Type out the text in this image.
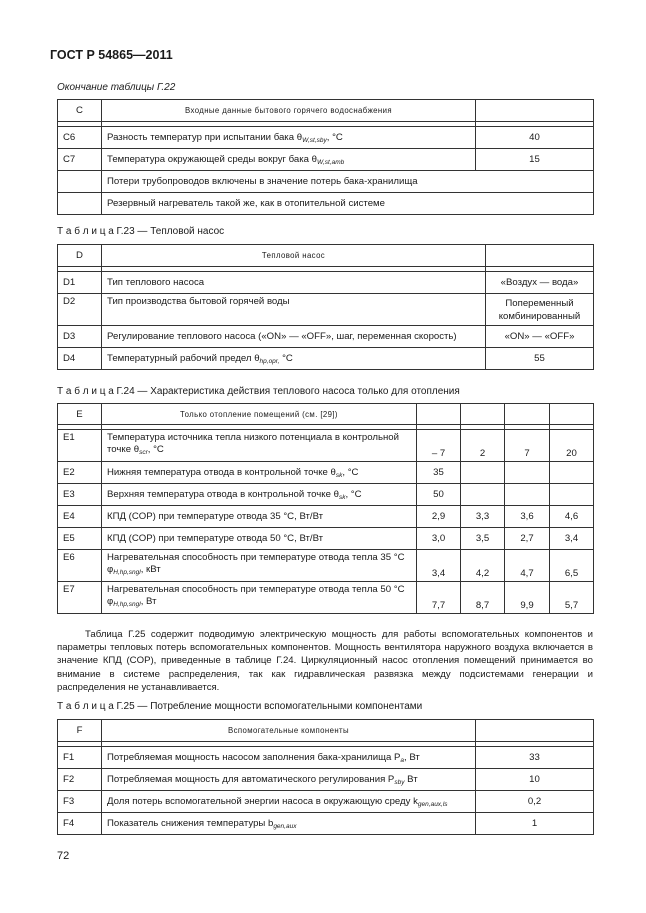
ГОСТ Р 54865—2011
Окончание таблицы Г.22
С	Входные данные бытового горячего водоснабжения	

С6	Разность температур при испытании бака $\theta_{W,st,sby}$, °С	40
С7	Температура окружающей среды вокруг бака $\theta_{W,st,amb}$	15
	Потери трубопроводов включены в значение потерь бака-хранилища	
	Резервный нагреватель такой же, как в отопительной системе	
Т а б л и ц а Г.23 — Тепловой насос
D	Тепловой насос	

D1	Тип теплового насоса	«Воздух — вода»
D2	Тип производства бытовой горячей воды	Попеременный комбинированный
D3	Регулирование теплового насоса («ON» — «OFF», шаг, переменная скорость)	«ON» — «OFF»
D4	Температурный рабочий предел $\theta_{hp,opr,}$ °С	55
Т а б л и ц а Г.24 — Характеристика действия теплового насоса только для отопления
Е	Только отопление помещений (см. [29])				

Е1	Температура источника тепла низкого потенциала в контрольной точке $\theta_{scr}$, °С	– 7	2	7	20
Е2	Нижняя температура отвода в контрольной точке $\theta_{sk}$, °С	35			
Е3	Верхняя температура отвода в контрольной точке $\theta_{sk}$, °С	50			
Е4	КПД (COP) при температуре отвода 35 °С, Вт/Вт	2,9	3,3	3,6	4,6
Е5	КПД (COP) при температуре отвода 50 °С, Вт/Вт	3,0	3,5	2,7	3,4
Е6	Нагревательная способность при температуре отвода тепла 35 °С $\varphi_{H,hp,sngl}$, кВт	3,4	4,2	4,7	6,5
Е7	Нагревательная способность при температуре отвода тепла 50 °С $\varphi_{H,hp,sngl}$, Вт	7,7	8,7	9,9	5,7
Таблица Г.25 содержит подводимую электрическую мощность для работы вспомогательных компонентов и параметры тепловых потерь вспомогательных компонентов. Мощность вентилятора наружного воздуха включается в значение КПД (COP), приведенные в таблице Г.24. Циркуляционный насос отопления помещений принимается во внимание в системе распределения, так как гидравлическая развязка между подсистемами генерации и распределения не устанавливается.
Т а б л и ц а Г.25 — Потребление мощности вспомогательными компонентами
F	Вспомогательные компоненты	

F1	Потребляемая мощность насосом заполнения бака-хранилища $P_a$, Вт	33
F2	Потребляемая мощность для автоматического регулирования $P_{sby}$ Вт	10
F3	Доля потерь вспомогательной энергии насоса в окружающую среду $k_{gen,aux,ls}$	0,2
F4	Показатель снижения температуры $b_{gen,aux}$	1
72
